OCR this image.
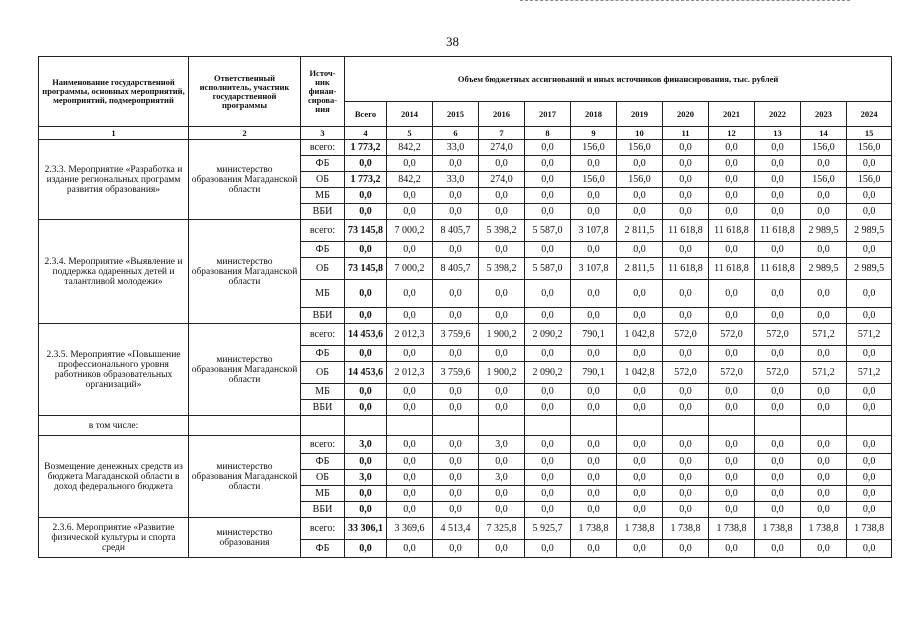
38
Наименование государственной программы, основных мероприятий, мероприятий, подмероприятий	Ответственный исполнитель, участник государственной программы	Источ-ник финан-сирова-ния	Объем бюджетных ассигнований и иных источников финансирования, тыс. рублей											
			Всего	2014	2015	2016	2017	2018	2019	2020	2021	2022	2023	2024
1	2	3	4	5	6	7	8	9	10	11	12	13	14	15
2.3.3. Мероприятие «Разработка и издание региональных программ развития образования»	министерство образования Магаданской области	всего:	1 773,2	842,2	33,0	274,0	0,0	156,0	156,0	0,0	0,0	0,0	156,0	156,0
		ФБ	0,0	0,0	0,0	0,0	0,0	0,0	0,0	0,0	0,0	0,0	0,0	0,0
		ОБ	1 773,2	842,2	33,0	274,0	0,0	156,0	156,0	0,0	0,0	0,0	156,0	156,0
		МБ	0,0	0,0	0,0	0,0	0,0	0,0	0,0	0,0	0,0	0,0	0,0	0,0
		ВБИ	0,0	0,0	0,0	0,0	0,0	0,0	0,0	0,0	0,0	0,0	0,0	0,0
2.3.4. Мероприятие «Выявление и поддержка одаренных детей и талантливой молодежи»	министерство образования Магаданской области	всего:	73 145,8	7 000,2	8 405,7	5 398,2	5 587,0	3 107,8	2 811,5	11 618,8	11 618,8	11 618,8	2 989,5	2 989,5
		ФБ	0,0	0,0	0,0	0,0	0,0	0,0	0,0	0,0	0,0	0,0	0,0	0,0
		ОБ	73 145,8	7 000,2	8 405,7	5 398,2	5 587,0	3 107,8	2 811,5	11 618,8	11 618,8	11 618,8	2 989,5	2 989,5
		МБ	0,0	0,0	0,0	0,0	0,0	0,0	0,0	0,0	0,0	0,0	0,0	0,0
		ВБИ	0,0	0,0	0,0	0,0	0,0	0,0	0,0	0,0	0,0	0,0	0,0	0,0
2.3.5. Мероприятие «Повышение профессионального уровня работников образовательных организаций»	министерство образования Магаданской области	всего:	14 453,6	2 012,3	3 759,6	1 900,2	2 090,2	790,1	1 042,8	572,0	572,0	572,0	571,2	571,2
		ФБ	0,0	0,0	0,0	0,0	0,0	0,0	0,0	0,0	0,0	0,0	0,0	0,0
		ОБ	14 453,6	2 012,3	3 759,6	1 900,2	2 090,2	790,1	1 042,8	572,0	572,0	572,0	571,2	571,2
		МБ	0,0	0,0	0,0	0,0	0,0	0,0	0,0	0,0	0,0	0,0	0,0	0,0
		ВБИ	0,0	0,0	0,0	0,0	0,0	0,0	0,0	0,0	0,0	0,0	0,0	0,0
в том числе:														
Возмещение денежных средств из бюджета Магаданской области в доход федерального бюджета	министерство образования Магаданской области	всего:	3,0	0,0	0,0	3,0	0,0	0,0	0,0	0,0	0,0	0,0	0,0	0,0
		ФБ	0,0	0,0	0,0	0,0	0,0	0,0	0,0	0,0	0,0	0,0	0,0	0,0
		ОБ	3,0	0,0	0,0	3,0	0,0	0,0	0,0	0,0	0,0	0,0	0,0	0,0
		МБ	0,0	0,0	0,0	0,0	0,0	0,0	0,0	0,0	0,0	0,0	0,0	0,0
		ВБИ	0,0	0,0	0,0	0,0	0,0	0,0	0,0	0,0	0,0	0,0	0,0	0,0
2.3.6. Мероприятие «Развитие физической культуры и спорта среди	министерство образования	всего:	33 306,1	3 369,6	4 513,4	7 325,8	5 925,7	1 738,8	1 738,8	1 738,8	1 738,8	1 738,8	1 738,8	1 738,8
		ФБ	0,0	0,0	0,0	0,0	0,0	0,0	0,0	0,0	0,0	0,0	0,0	0,0
